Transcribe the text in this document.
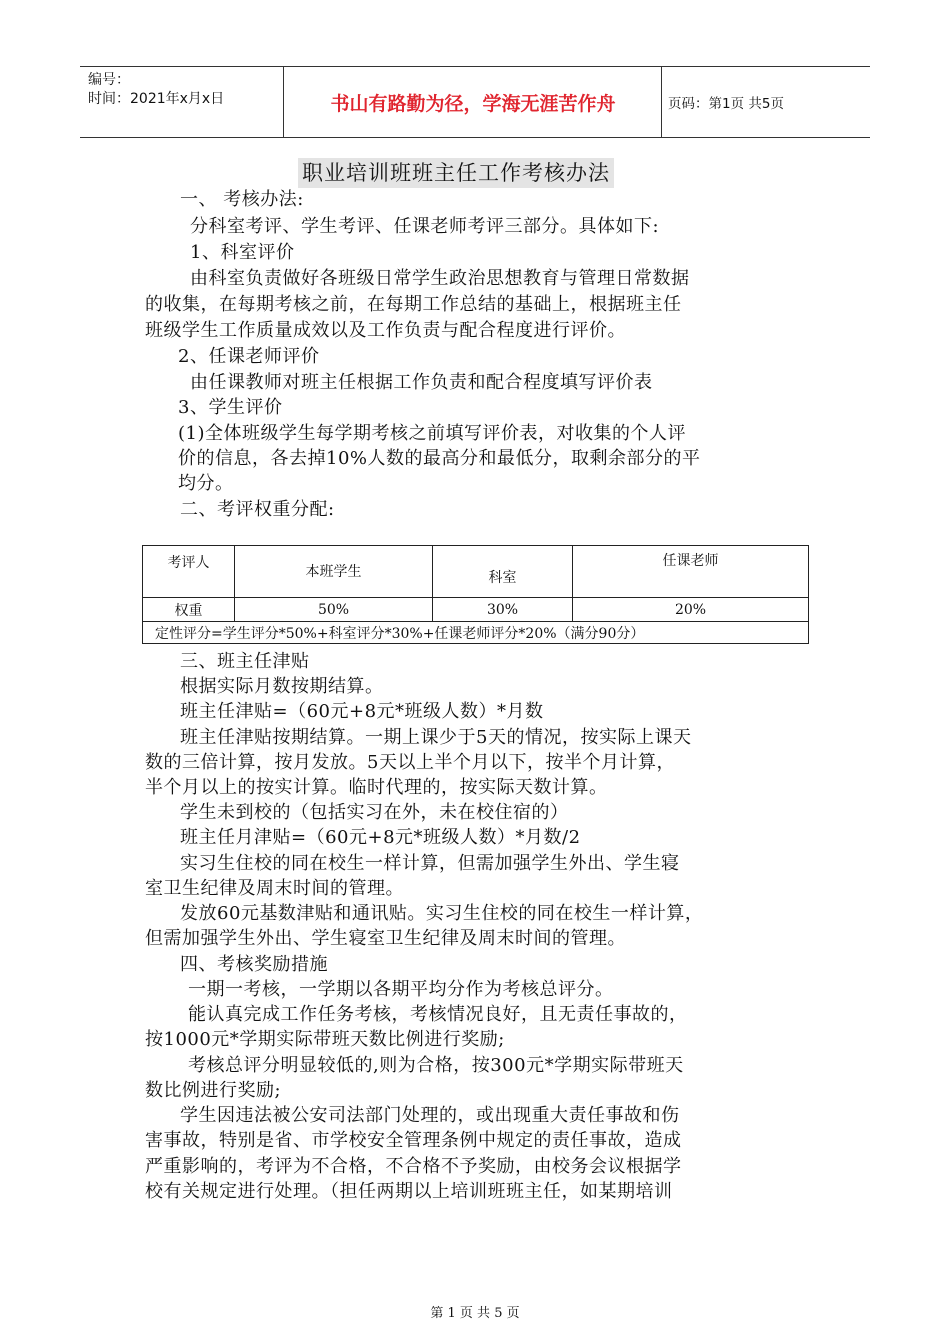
编号：
时间：2021年x月x日	书山有路勤为径，学海无涯苦作舟	页码：第1页 共5页
职业培训班班主任工作考核办法
一、 考核办法:
分科室考评、学生考评、任课老师考评三部分。具体如下:
1、科室评价
由科室负责做好各班级日常学生政治思想教育与管理日常数据
的收集，在每期考核之前，在每期工作总结的基础上，根据班主任
班级学生工作质量成效以及工作负责与配合程度进行评价。
2、任课老师评价
由任课教师对班主任根据工作负责和配合程度填写评价表
3、学生评价
(1)全体班级学生每学期考核之前填写评价表，对收集的个人评
价的信息，各去掉10%人数的最高分和最低分，取剩余部分的平
均分。
二、考评权重分配:
考评人	本班学生	科室	任课老师
权重	50%	30%	20%
定性评分=学生评分*50%+科室评分*30%+任课老师评分*20%（满分90分）			
三、班主任津贴
根据实际月数按期结算。
班主任津贴=（60元+8元*班级人数）*月数
班主任津贴按期结算。一期上课少于5天的情况，按实际上课天
数的三倍计算，按月发放。5天以上半个月以下，按半个月计算，
半个月以上的按实计算。临时代理的，按实际天数计算。
学生未到校的（包括实习在外，未在校住宿的）
班主任月津贴=（60元+8元*班级人数）*月数/2
实习生住校的同在校生一样计算，但需加强学生外出、学生寝
室卫生纪律及周末时间的管理。
发放60元基数津贴和通讯贴。实习生住校的同在校生一样计算，
但需加强学生外出、学生寝室卫生纪律及周末时间的管理。
四、考核奖励措施
一期一考核，一学期以各期平均分作为考核总评分。
能认真完成工作任务考核，考核情况良好，且无责任事故的，
按1000元*学期实际带班天数比例进行奖励;
考核总评分明显较低的,则为合格，按300元*学期实际带班天
数比例进行奖励;
学生因违法被公安司法部门处理的，或出现重大责任事故和伤
害事故，特别是省、市学校安全管理条例中规定的责任事故，造成
严重影响的，考评为不合格，不合格不予奖励，由校务会议根据学
校有关规定进行处理。（担任两期以上培训班班主任，如某期培训
第 1 页 共 5 页
